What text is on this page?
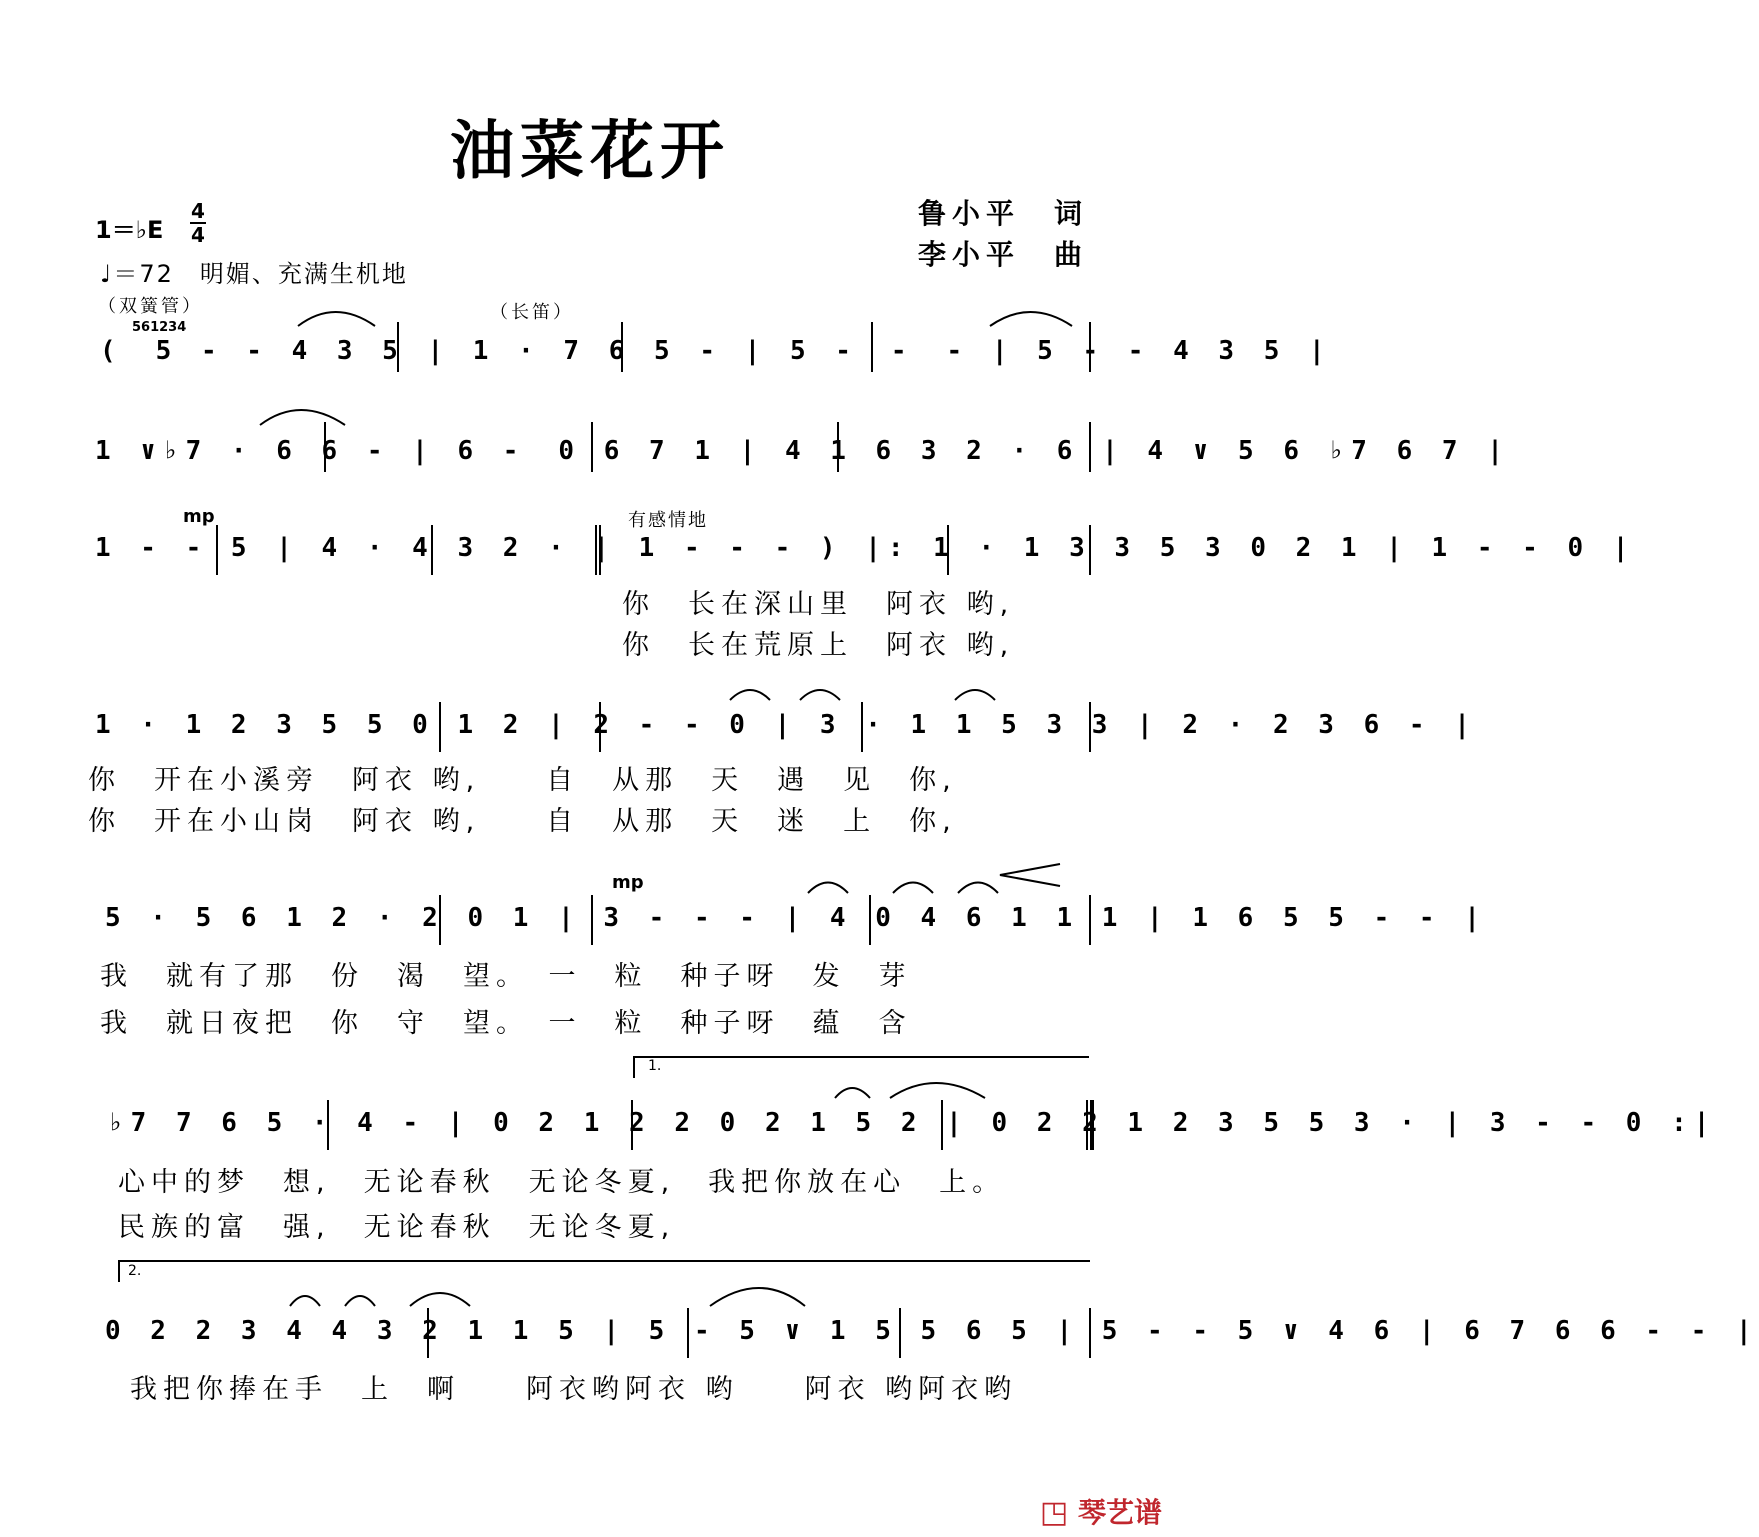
油菜花开
鲁小平　词
李小平　曲
1＝♭E
4
4
♩＝72　明媚、充满生机地
（双簧管）	（长笛）
561234
有感情地
mp
mp
1.
2.
(　5 - - 4 3 5 | 1 · 7 6 5 - | 5 -　-　- | 5 - - 4 3 5 |
1 ∨♭7 · 6 6 - | 6 -　0 6 7 1 | 4 1 6 3 2 · 6 | 4 ∨ 5 6 ♭7 6 7 |
1 - - 5 | 4 · 4 3 2 · | 1 - - - ) |: 1 · 1 3 3 5 3 0 2 1 | 1 - - 0 |
你　长在深山里　阿衣 哟,
你　长在荒原上　阿衣 哟,
1 · 1 2 3 5 5 0 1 2 | 2 - - 0 | 3 · 1 1 5 3 3 | 2 · 2 3 6 - |
你　开在小溪旁　阿衣 哟,　　自　从那　天　遇　见　你,
你　开在小山岗　阿衣 哟,　　自　从那　天　迷　上　你,
5 · 5 6 1 2 · 2 0 1 | 3 - - - | 4 0 4 6 1 1 1 | 1 6 5 5 - - |
我　就有了那　份　渴　望。　一　粒　种子呀　发　芽
我　就日夜把　你　守　望。　一　粒　种子呀　蕴　含
♭7 7 6 5 · 4 - | 0 2 1 2 2 0 2 1 5 2 | 0 2 2 1 2 3 5 5 3 · | 3 - - 0 :|
心中的梦　想,　无论春秋　无论冬夏,　我把你放在心　上。
民族的富　强,　无论春秋　无论冬夏,
0 2 2 3 4 4 3 2 1 1 5 | 5 - 5 ∨ 1 5 5 6 5 | 5 - - 5 ∨ 4 6 | 6 7 6 6 - - |
我把你捧在手　上　啊　　阿衣哟阿衣 哟　　阿衣 哟阿衣哟
◳ 琴艺谱
